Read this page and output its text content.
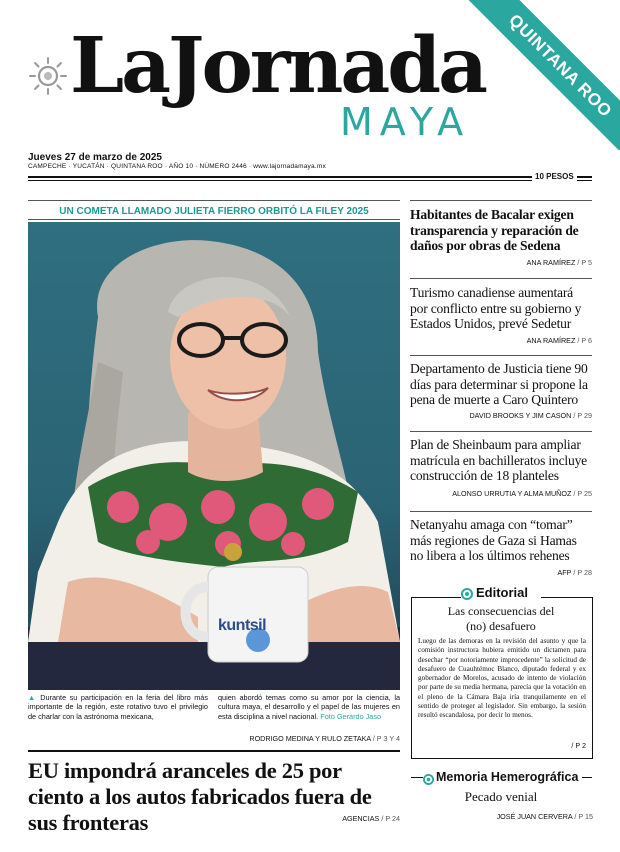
LaJornada
MAYA
QUINTANA ROO
Jueves 27 de marzo de 2025
CAMPECHE · YUCATÁN · QUINTANA ROO · AÑO 10 · NÚMERO 2446 · www.lajornadamaya.mx
10 PESOS
UN COMETA LLAMADO JULIETA FIERRO ORBITÓ LA FILEY 2025
kuntsil
▲ Durante su participación en la feria del libro más importante de la región, este rotativo tuvo el privilegio de charlar con la astrónoma mexicana,
quien abordó temas como su amor por la ciencia, la cultura maya, el desarrollo y el papel de las mujeres en esta disciplina a nivel nacional. Foto Gerardo Jaso
RODRIGO MEDINA Y RULO ZETAKA / P 3 Y 4
EU impondrá aranceles de 25 por ciento a los autos fabricados fuera de sus fronteras	AGENCIAS / P 24
Habitantes de Bacalar exigen transparencia y reparación de daños por obras de Sedena
ANA RAMÍREZ / P 5
Turismo canadiense aumentará por conflicto entre su gobierno y Estados Unidos, prevé Sedetur
ANA RAMÍREZ / P 6
Departamento de Justicia tiene 90 días para determinar si propone la pena de muerte a Caro Quintero
DAVID BROOKS Y JIM CASON / P 29
Plan de Sheinbaum para ampliar matrícula en bachilleratos incluye construcción de 18 planteles
ALONSO URRUTIA Y ALMA MUÑOZ / P 25
Netanyahu amaga con “tomar” más regiones de Gaza si Hamas no libera a los últimos rehenes
AFP / P 28
Editorial
Las consecuencias del (no) desafuero
Luego de las demoras en la revisión del asunto y que la comisión instructora hubiera emitido un dictamen para desechar “por notoriamente improcedente” la solicitud de desafuero de Cuauhtémoc Blanco, diputado federal y ex gobernador de Morelos, acusado de intento de violación por parte de su media hermana, parecía que la votación en el pleno de la Cámara Baja iría tranquilamente en el sentido de proteger al legislador. Sin embargo, la sesión resultó escandalosa, por decir lo menos.
/ P 2
Memoria Hemerográfica
Pecado venial
JOSÉ JUAN CERVERA / P 15
